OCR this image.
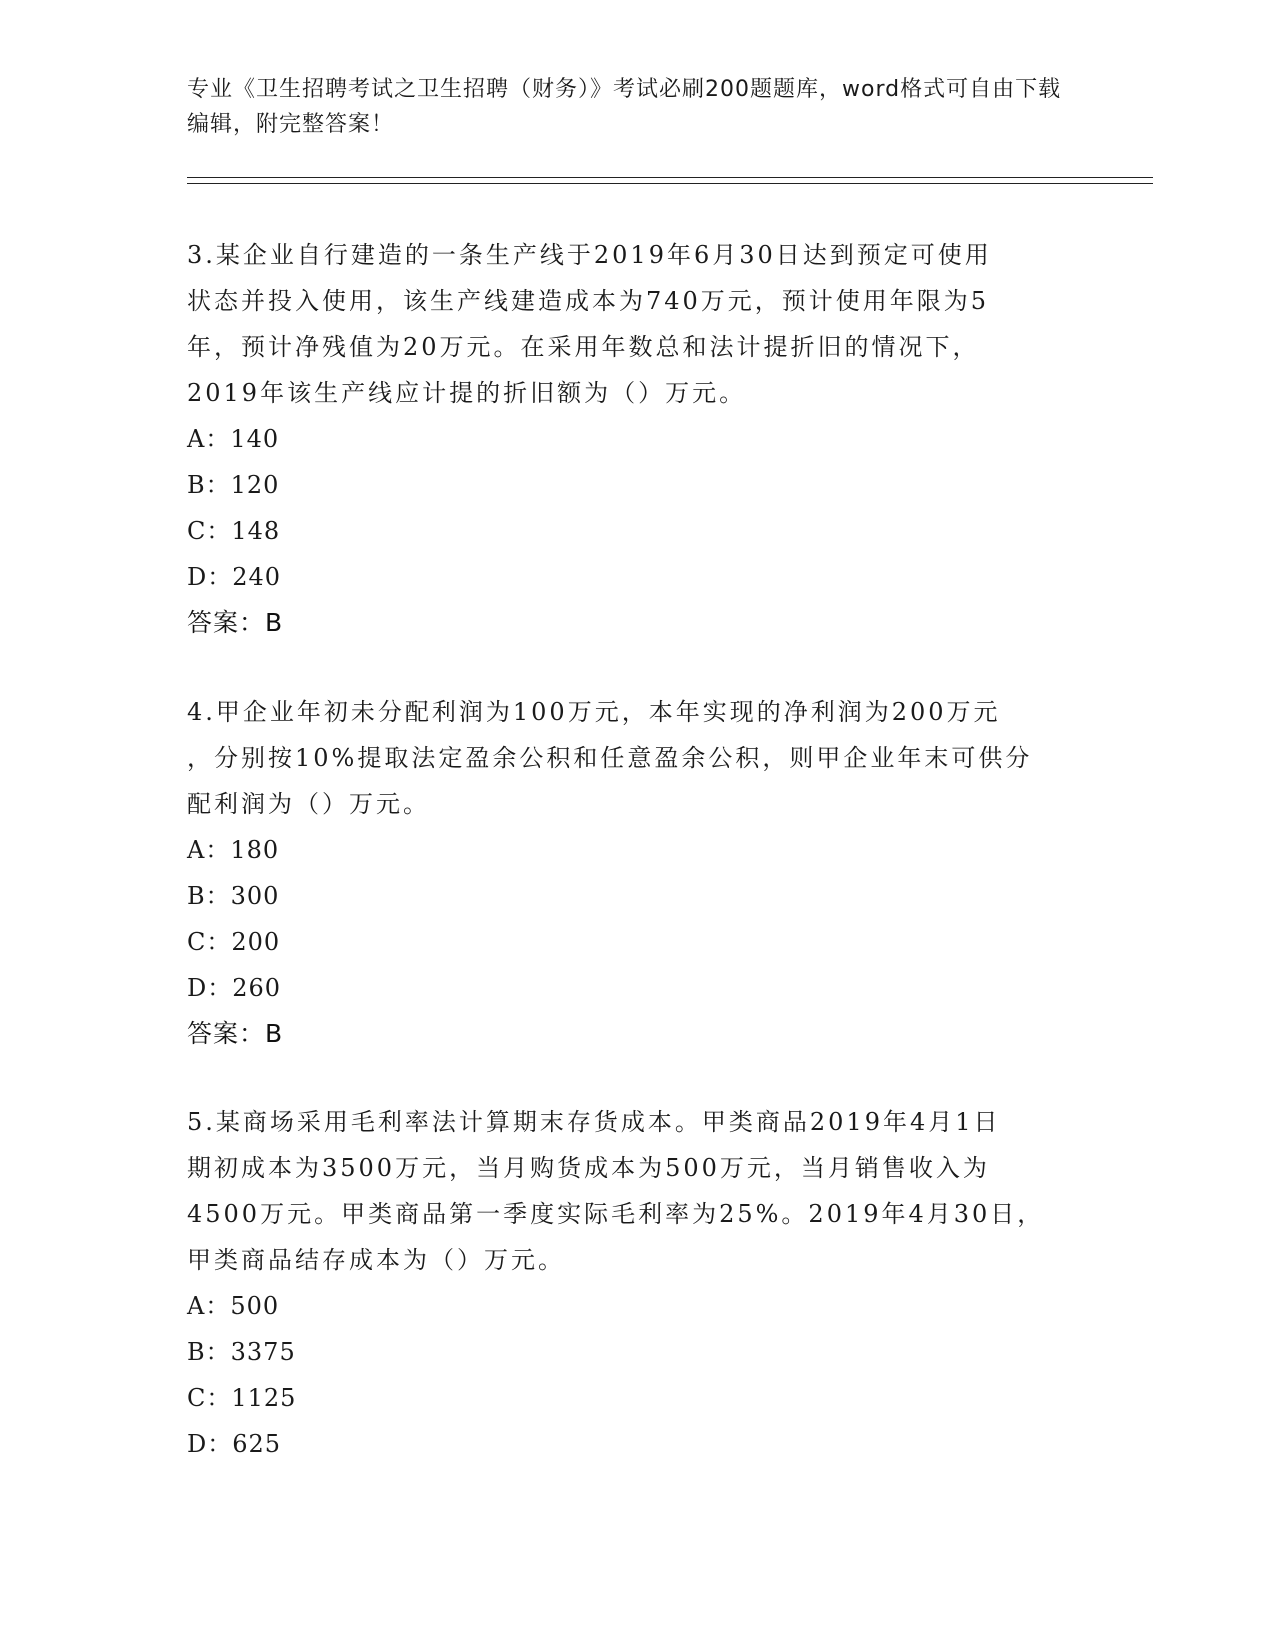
专业《卫生招聘考试之卫生招聘（财务）》考试必刷200题题库，word格式可自由下载编辑，附完整答案！
3.某企业自行建造的一条生产线于2019年6月30日达到预定可使用
状态并投入使用，该生产线建造成本为740万元，预计使用年限为5
年，预计净残值为20万元。在采用年数总和法计提折旧的情况下，
2019年该生产线应计提的折旧额为（）万元。
A：140
B：120
C：148
D：240
答案：B
4.甲企业年初未分配利润为100万元，本年实现的净利润为200万元
，分别按10%提取法定盈余公积和任意盈余公积，则甲企业年末可供分
配利润为（）万元。
A：180
B：300
C：200
D：260
答案：B
5.某商场采用毛利率法计算期末存货成本。甲类商品2019年4月1日
期初成本为3500万元，当月购货成本为500万元，当月销售收入为
4500万元。甲类商品第一季度实际毛利率为25%。2019年4月30日，
甲类商品结存成本为（）万元。
A：500
B：3375
C：1125
D：625
